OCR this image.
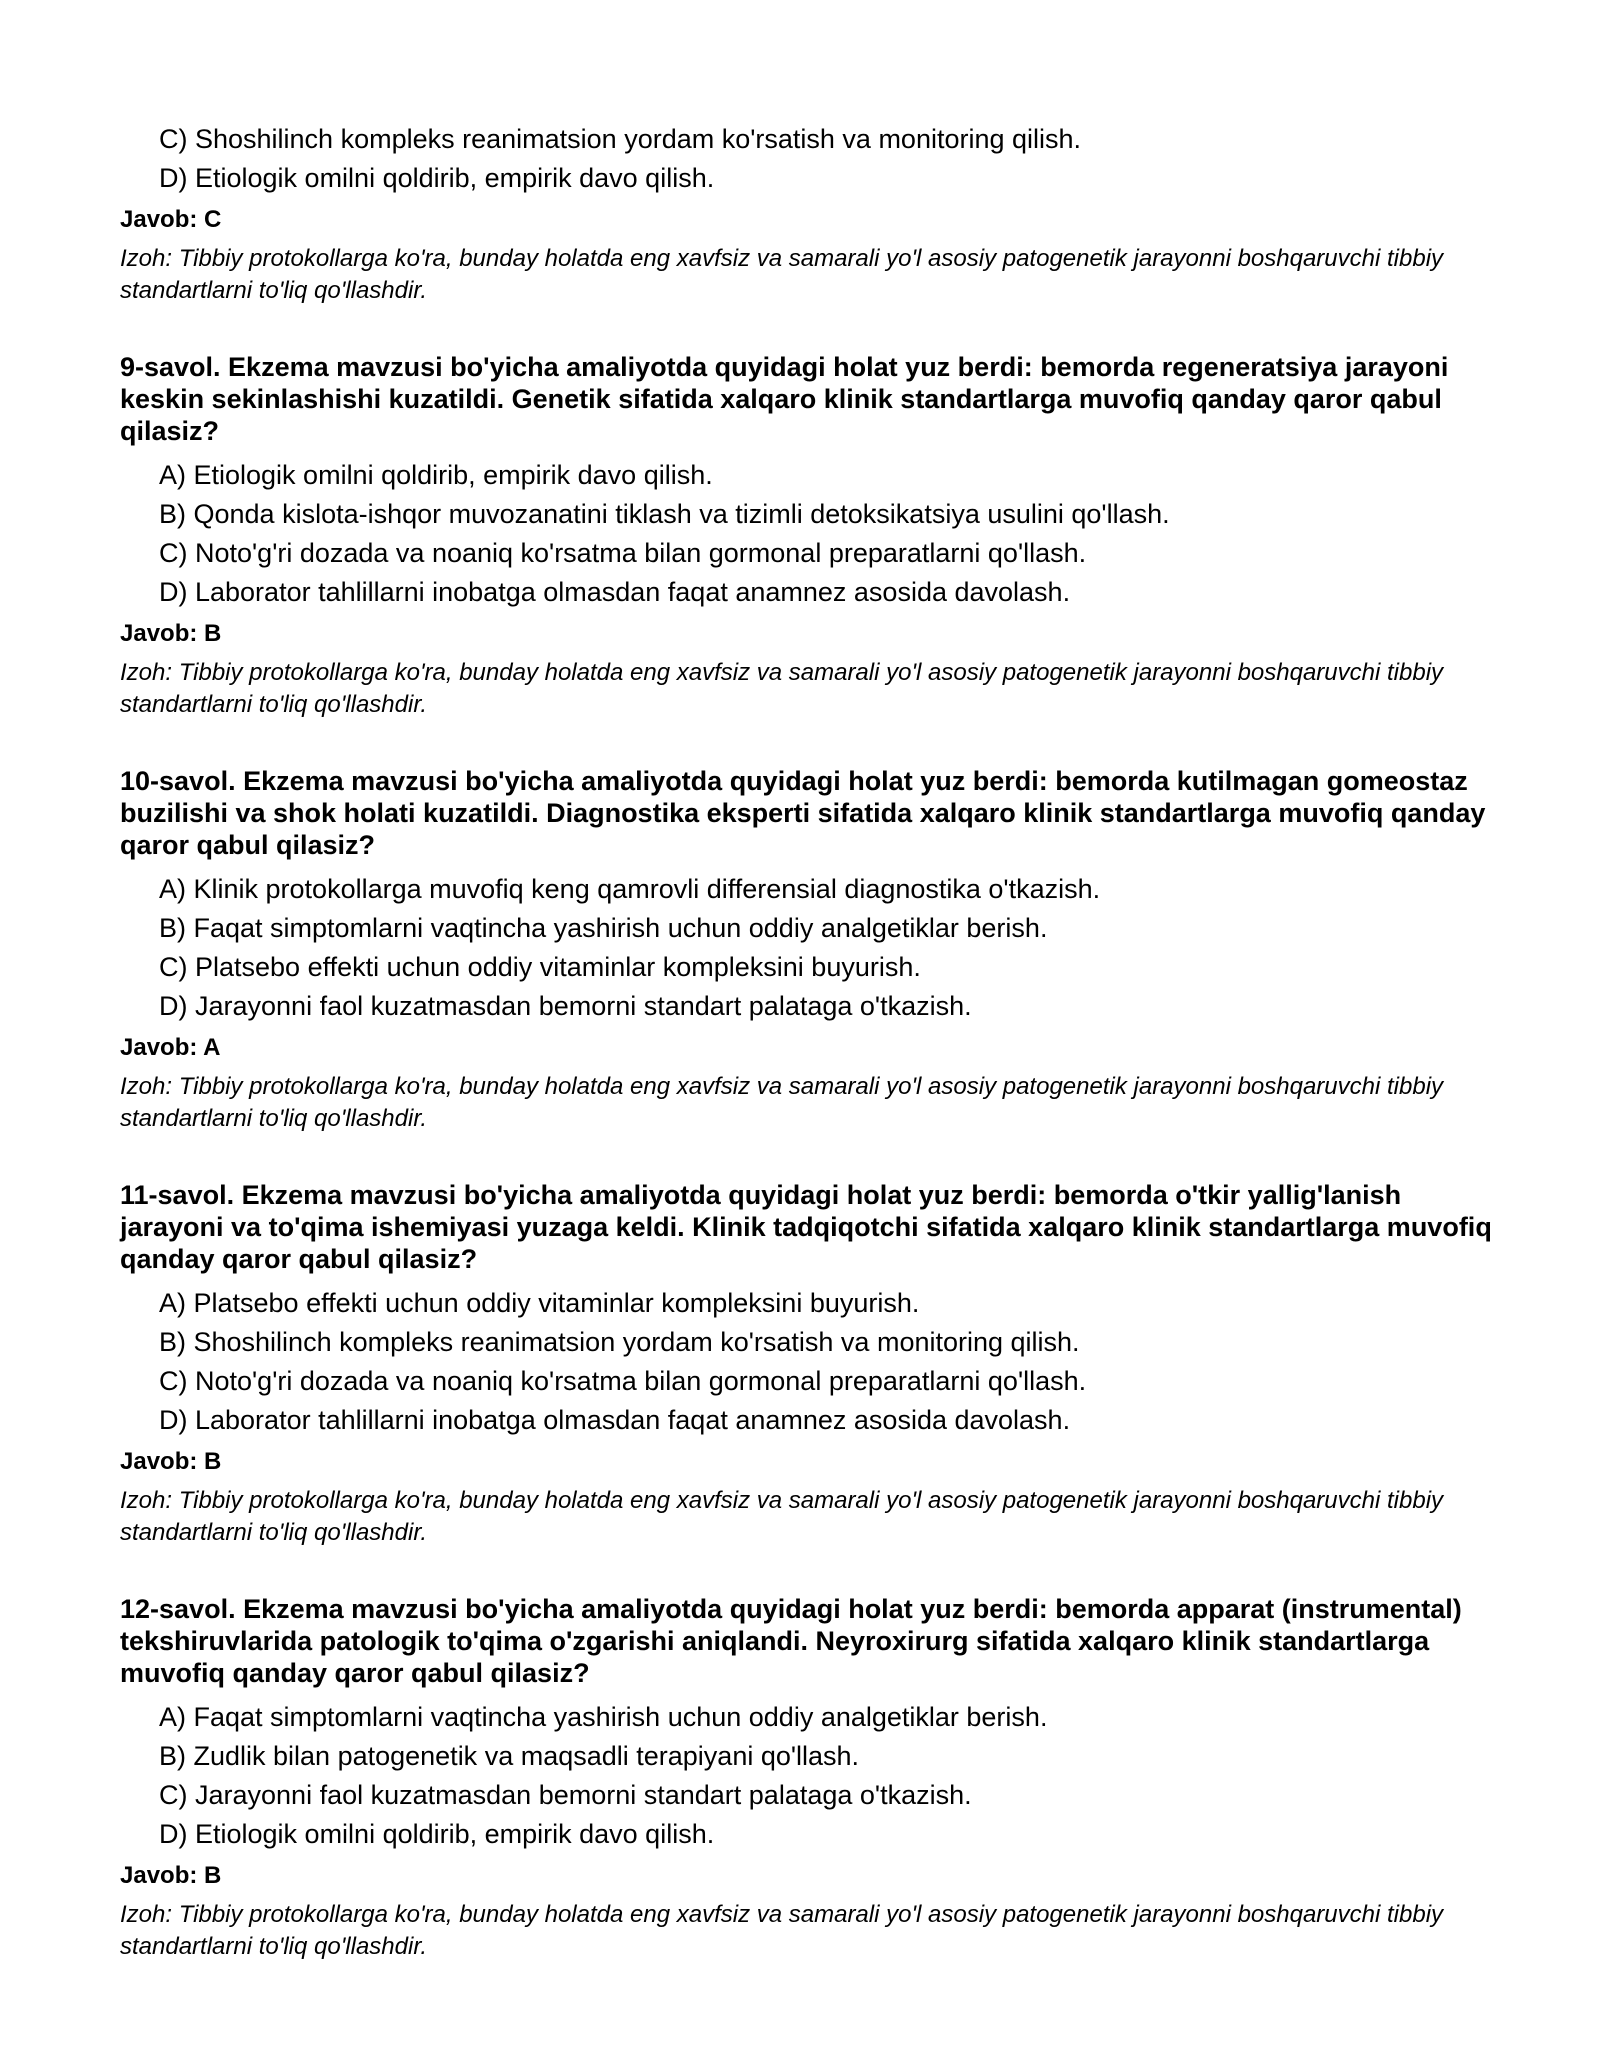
C) Shoshilinch kompleks reanimatsion yordam ko'rsatish va monitoring qilish.
D) Etiologik omilni qoldirib, empirik davo qilish.
Javob: C
Izoh: Tibbiy protokollarga ko'ra, bunday holatda eng xavfsiz va samarali yo'l asosiy patogenetik jarayonni boshqaruvchi tibbiy standartlarni to'liq qo'llashdir.
9-savol. Ekzema mavzusi bo'yicha amaliyotda quyidagi holat yuz berdi: bemorda regeneratsiya jarayoni keskin sekinlashishi kuzatildi. Genetik sifatida xalqaro klinik standartlarga muvofiq qanday qaror qabul qilasiz?
A) Etiologik omilni qoldirib, empirik davo qilish.
B) Qonda kislota-ishqor muvozanatini tiklash va tizimli detoksikatsiya usulini qo'llash.
C) Noto'g'ri dozada va noaniq ko'rsatma bilan gormonal preparatlarni qo'llash.
D) Laborator tahlillarni inobatga olmasdan faqat anamnez asosida davolash.
Javob: B
Izoh: Tibbiy protokollarga ko'ra, bunday holatda eng xavfsiz va samarali yo'l asosiy patogenetik jarayonni boshqaruvchi tibbiy standartlarni to'liq qo'llashdir.
10-savol. Ekzema mavzusi bo'yicha amaliyotda quyidagi holat yuz berdi: bemorda kutilmagan gomeostaz buzilishi va shok holati kuzatildi. Diagnostika eksperti sifatida xalqaro klinik standartlarga muvofiq qanday qaror qabul qilasiz?
A) Klinik protokollarga muvofiq keng qamrovli differensial diagnostika o'tkazish.
B) Faqat simptomlarni vaqtincha yashirish uchun oddiy analgetiklar berish.
C) Platsebo effekti uchun oddiy vitaminlar kompleksini buyurish.
D) Jarayonni faol kuzatmasdan bemorni standart palataga o'tkazish.
Javob: A
Izoh: Tibbiy protokollarga ko'ra, bunday holatda eng xavfsiz va samarali yo'l asosiy patogenetik jarayonni boshqaruvchi tibbiy standartlarni to'liq qo'llashdir.
11-savol. Ekzema mavzusi bo'yicha amaliyotda quyidagi holat yuz berdi: bemorda o'tkir yallig'lanish jarayoni va to'qima ishemiyasi yuzaga keldi. Klinik tadqiqotchi sifatida xalqaro klinik standartlarga muvofiq qanday qaror qabul qilasiz?
A) Platsebo effekti uchun oddiy vitaminlar kompleksini buyurish.
B) Shoshilinch kompleks reanimatsion yordam ko'rsatish va monitoring qilish.
C) Noto'g'ri dozada va noaniq ko'rsatma bilan gormonal preparatlarni qo'llash.
D) Laborator tahlillarni inobatga olmasdan faqat anamnez asosida davolash.
Javob: B
Izoh: Tibbiy protokollarga ko'ra, bunday holatda eng xavfsiz va samarali yo'l asosiy patogenetik jarayonni boshqaruvchi tibbiy standartlarni to'liq qo'llashdir.
12-savol. Ekzema mavzusi bo'yicha amaliyotda quyidagi holat yuz berdi: bemorda apparat (instrumental) tekshiruvlarida patologik to'qima o'zgarishi aniqlandi. Neyroxirurg sifatida xalqaro klinik standartlarga muvofiq qanday qaror qabul qilasiz?
A) Faqat simptomlarni vaqtincha yashirish uchun oddiy analgetiklar berish.
B) Zudlik bilan patogenetik va maqsadli terapiyani qo'llash.
C) Jarayonni faol kuzatmasdan bemorni standart palataga o'tkazish.
D) Etiologik omilni qoldirib, empirik davo qilish.
Javob: B
Izoh: Tibbiy protokollarga ko'ra, bunday holatda eng xavfsiz va samarali yo'l asosiy patogenetik jarayonni boshqaruvchi tibbiy standartlarni to'liq qo'llashdir.
